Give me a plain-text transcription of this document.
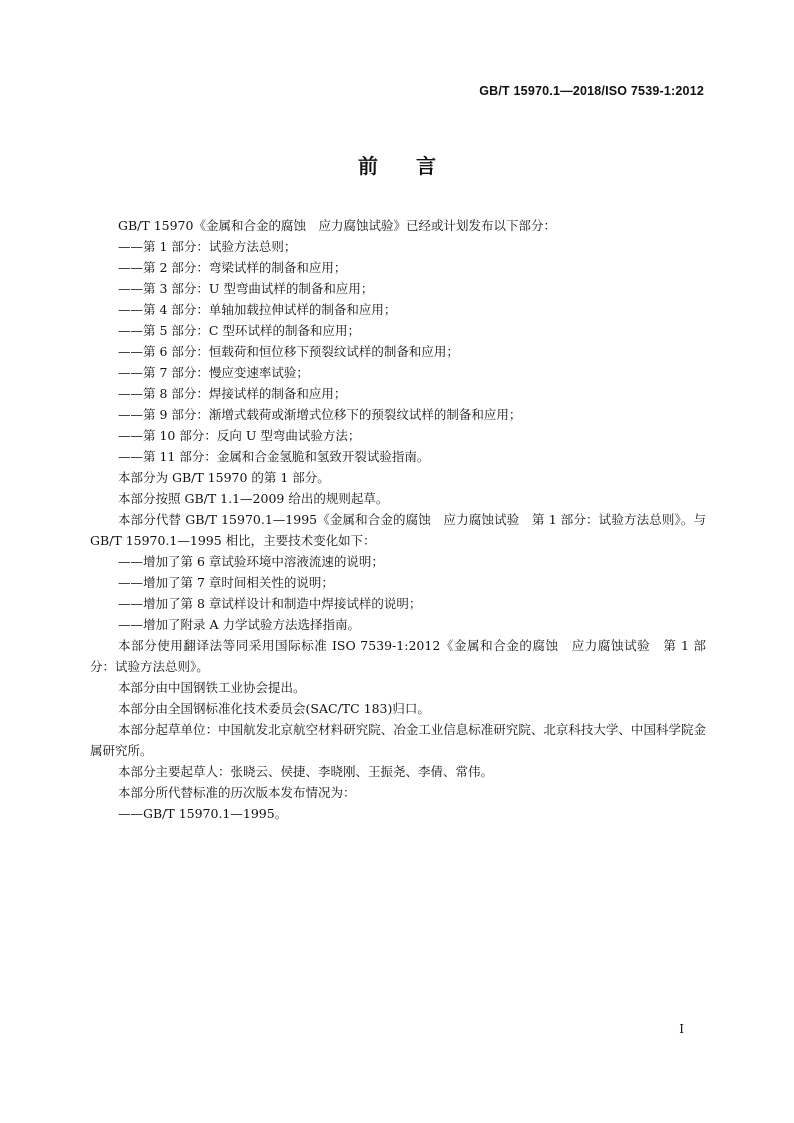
GB/T 15970.1—2018/ISO 7539-1:2012
前言

GB/T 15970《金属和合金的腐蚀　应力腐蚀试验》已经或计划发布以下部分：

——第 1 部分：试验方法总则；

——第 2 部分：弯梁试样的制备和应用；

——第 3 部分：U 型弯曲试样的制备和应用；

——第 4 部分：单轴加载拉伸试样的制备和应用；

——第 5 部分：C 型环试样的制备和应用；

——第 6 部分：恒载荷和恒位移下预裂纹试样的制备和应用；

——第 7 部分：慢应变速率试验；

——第 8 部分：焊接试样的制备和应用；

——第 9 部分：渐增式载荷或渐增式位移下的预裂纹试样的制备和应用；

——第 10 部分：反向 U 型弯曲试验方法；

——第 11 部分：金属和合金氢脆和氢致开裂试验指南。

本部分为 GB/T 15970 的第 1 部分。

本部分按照 GB/T 1.1—2009 给出的规则起草。

本部分代替 GB/T 15970.1—1995《金属和合金的腐蚀　应力腐蚀试验　第 1 部分：试验方法总则》。与 GB/T 15970.1—1995 相比，主要技术变化如下：

——增加了第 6 章试验环境中溶液流速的说明；

——增加了第 7 章时间相关性的说明；

——增加了第 8 章试样设计和制造中焊接试样的说明；

——增加了附录 A 力学试验方法选择指南。

本部分使用翻译法等同采用国际标准 ISO 7539-1:2012《金属和合金的腐蚀　应力腐蚀试验　第 1 部分：试验方法总则》。

本部分由中国钢铁工业协会提出。

本部分由全国钢标准化技术委员会(SAC/TC 183)归口。

本部分起草单位：中国航发北京航空材料研究院、冶金工业信息标准研究院、北京科技大学、中国科学院金属研究所。

本部分主要起草人：张晓云、侯捷、李晓刚、王振尧、李倩、常伟。

本部分所代替标准的历次版本发布情况为：

——GB/T 15970.1—1995。

I
